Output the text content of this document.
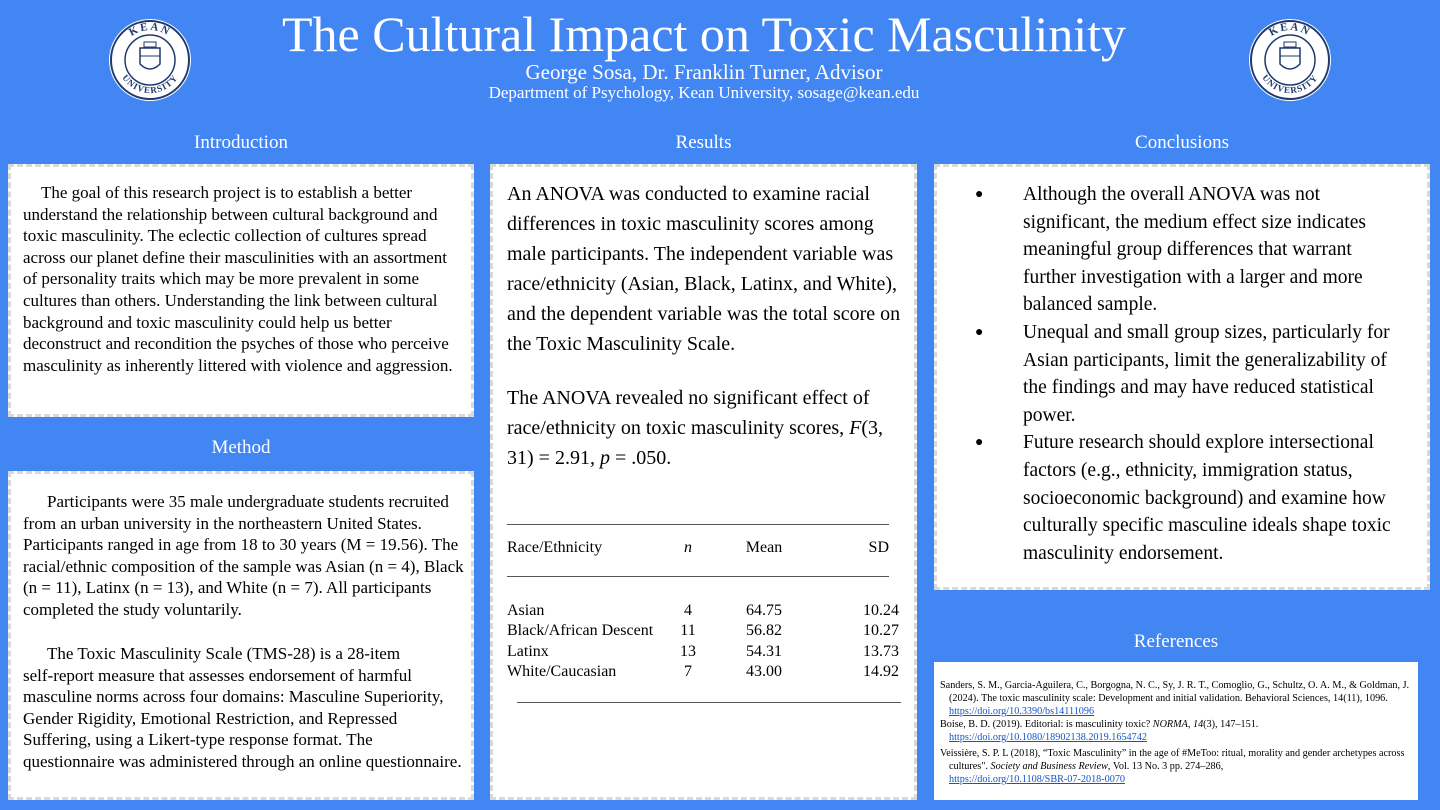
The Cultural Impact on Toxic Masculinity
George Sosa, Dr. Franklin Turner, Advisor
Department of Psychology, Kean University, sosage@kean.edu
KEAN
UNIVERSITY
KEAN
UNIVERSITY
Introduction
The goal of this research project is to establish a better understand the relationship between cultural background and toxic masculinity. The eclectic collection of cultures spread across our planet define their masculinities with an assortment of personality traits which may be more prevalent in some cultures than others. Understanding the link between cultural background and toxic masculinity could help us better deconstruct and recondition the psyches of those who perceive masculinity as inherently littered with violence and aggression.
Method
Participants were 35 male undergraduate students recruited from an urban university in the northeastern United States. Participants ranged in age from 18 to 30 years (M = 19.56). The racial/ethnic composition of the sample was Asian (n = 4), Black (n = 11), Latinx (n = 13), and White (n = 7). All participants completed the study voluntarily.
The Toxic Masculinity Scale (TMS‑28) is a 28‑item self‑report measure that assesses endorsement of harmful masculine norms across four domains: Masculine Superiority, Gender Rigidity, Emotional Restriction, and Repressed Suffering, using a Likert‑type response format. The questionnaire was administered through an online questionnaire.
Results
An ANOVA was conducted to examine racial differences in toxic masculinity scores among male participants. The independent variable was race/ethnicity (Asian, Black, Latinx, and White), and the dependent variable was the total score on the Toxic Masculinity Scale.
The ANOVA revealed no significant effect of race/ethnicity on toxic masculinity scores, F(3, 31) = 2.91, p = .050.
Race/Ethnicity	n	Mean	SD
Asian	4	64.75	10.24
Black/African Descent	11	56.82	10.27
Latinx	13	54.31	13.73
White/Caucasian	7	43.00	14.92
Conclusions
● Although the overall ANOVA was not significant, the medium effect size indicates meaningful group differences that warrant further investigation with a larger and more balanced sample.
● Unequal and small group sizes, particularly for Asian participants, limit the generalizability of the findings and may have reduced statistical power.
● Future research should explore intersectional factors (e.g., ethnicity, immigration status, socioeconomic background) and examine how culturally specific masculine ideals shape toxic masculinity endorsement.
References
Sanders, S. M., Garcia-Aguilera, C., Borgogna, N. C., Sy, J. R. T., Comoglio, G., Schultz, O. A. M., & Goldman, J. (2024). The toxic masculinity scale: Development and initial validation. Behavioral Sciences, 14(11), 1096. https://doi.org/10.3390/bs14111096
Boise, B. D. (2019). Editorial: is masculinity toxic? NORMA, 14(3), 147–151.
https://doi.org/10.1080/18902138.2019.1654742
Veissière, S. P. L (2018), “Toxic Masculinity” in the age of #MeToo: ritual, morality and gender archetypes across cultures". Society and Business Review, Vol. 13 No. 3 pp. 274–286,
https://doi.org/10.1108/SBR-07-2018-0070
